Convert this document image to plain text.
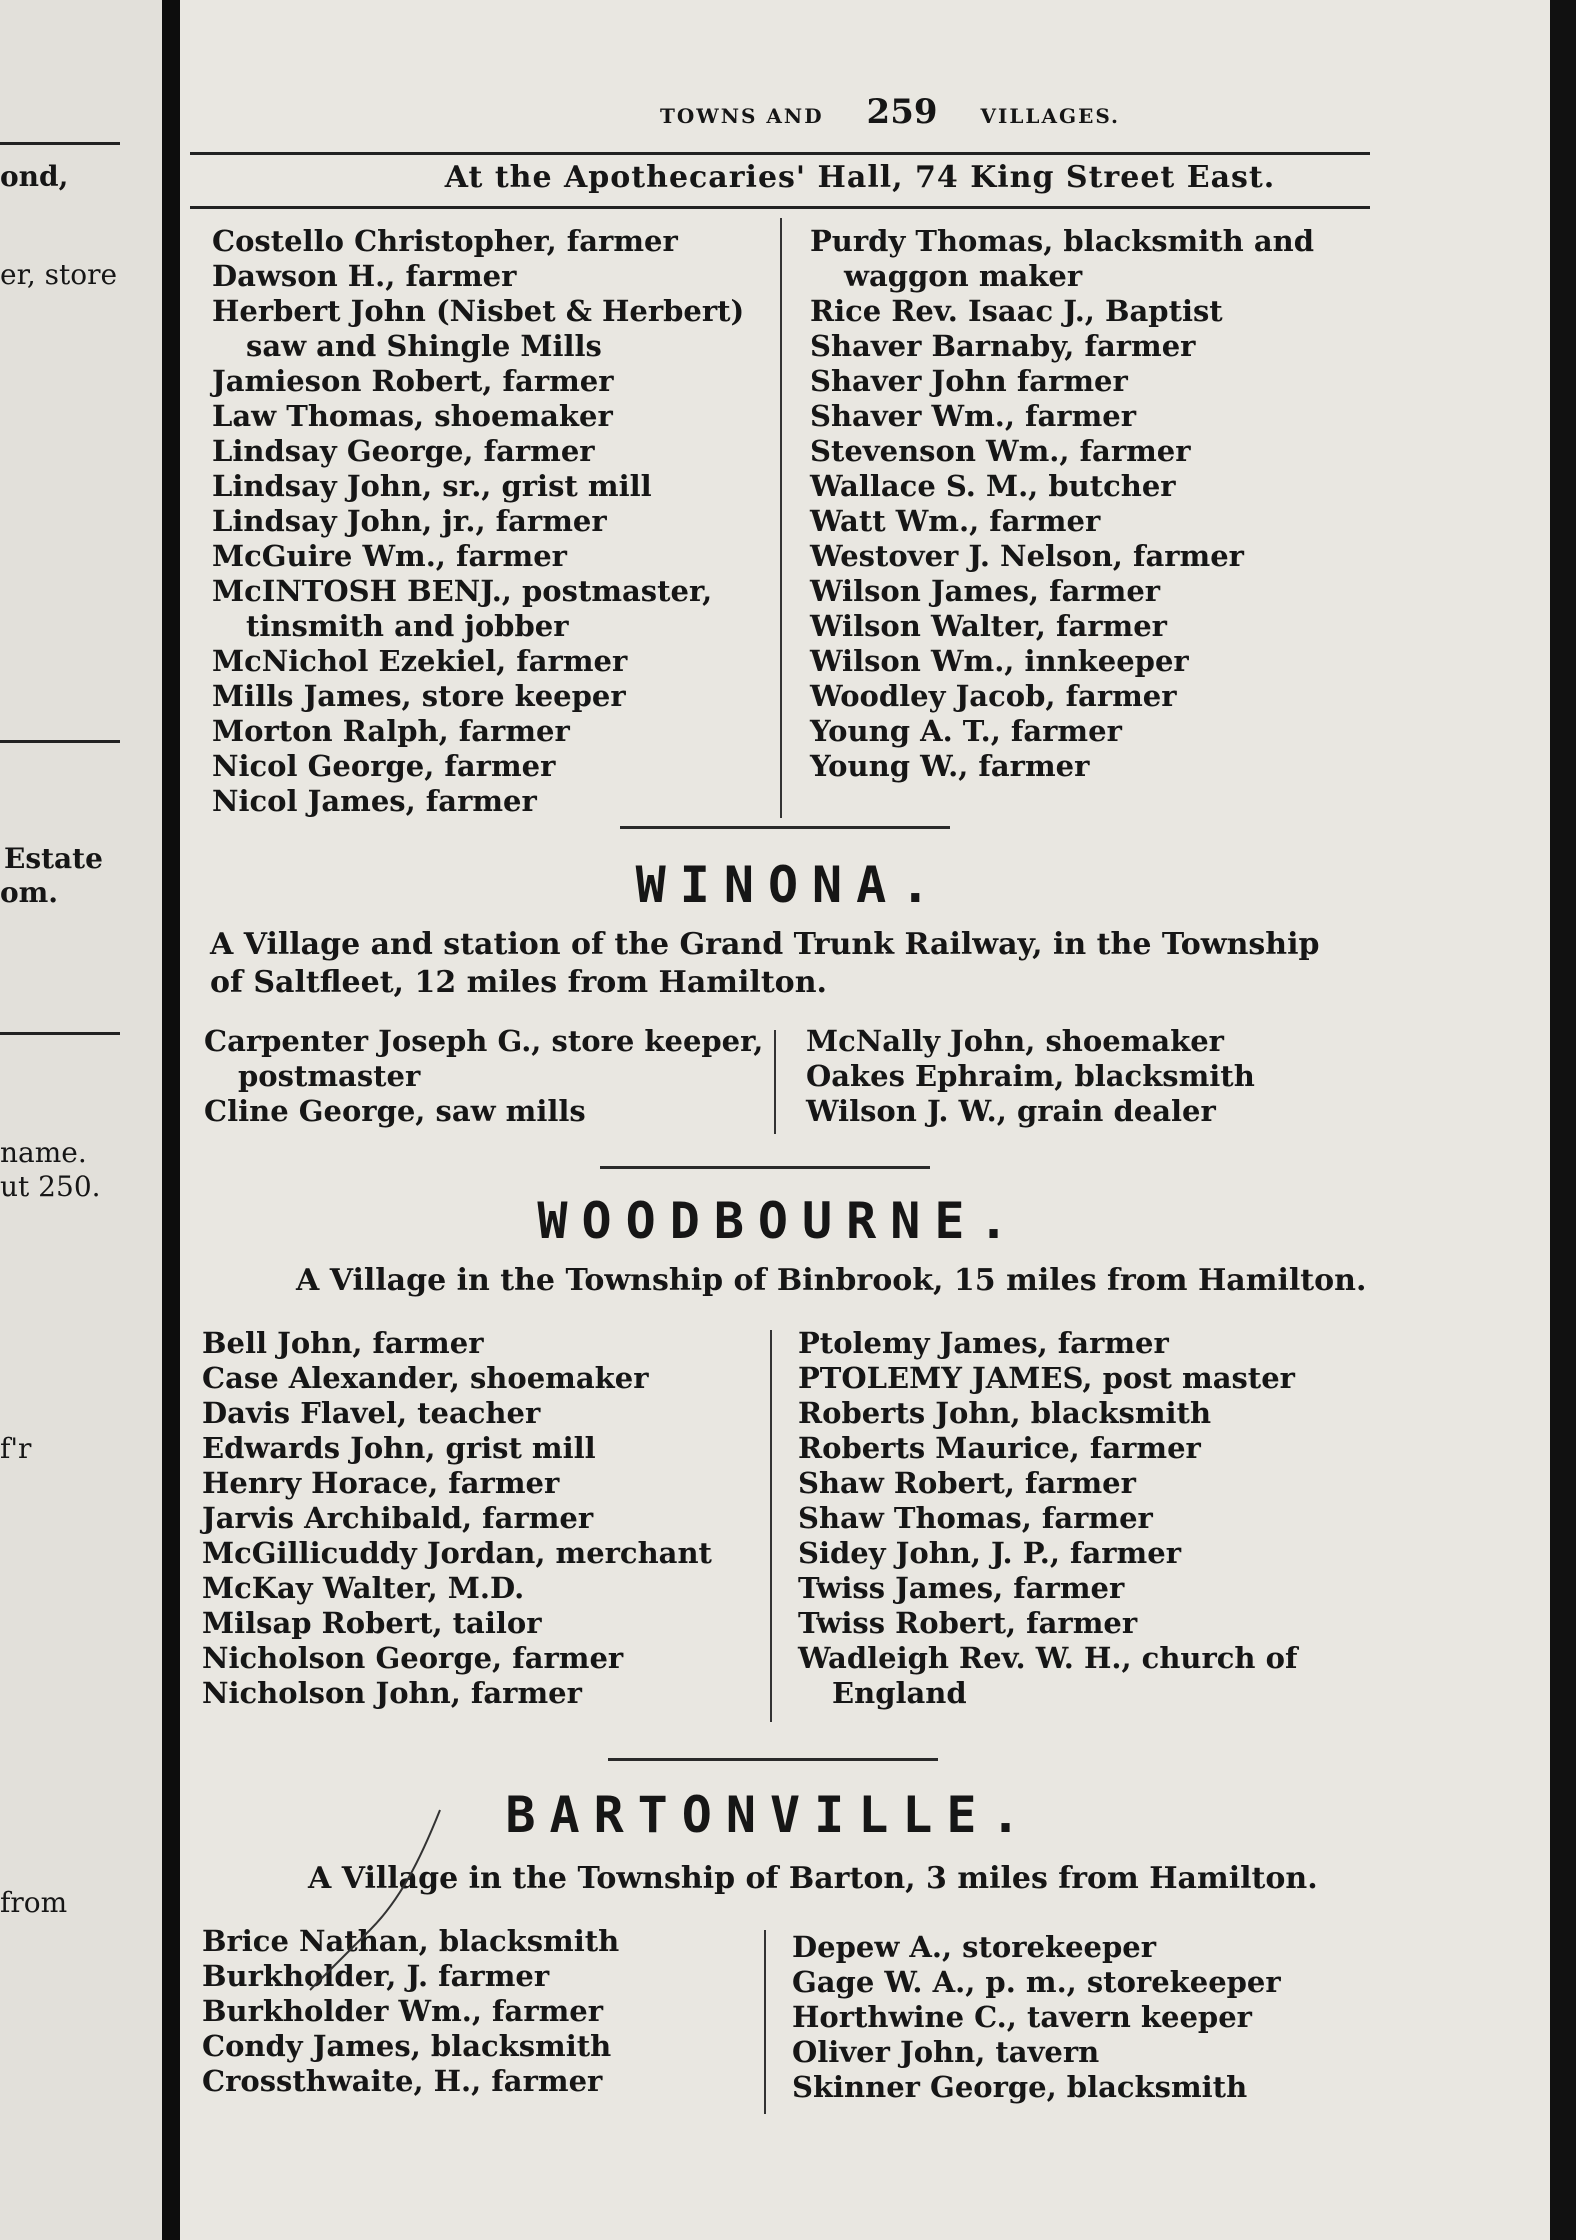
ond,
er, store
Estate
om.
name.
ut 250.
f'r
from
TOWNS AND 259 VILLAGES.
At the Apothecaries' Hall, 74 King Street East.

Costello Christopher, farmer

Dawson H., farmer

Herbert John (Nisbet & Herbert) saw and Shingle Mills

Jamieson Robert, farmer

Law Thomas, shoemaker

Lindsay George, farmer

Lindsay John, sr., grist mill

Lindsay John, jr., farmer

McGuire Wm., farmer

McINTOSH BENJ., postmaster, tinsmith and jobber

McNichol Ezekiel, farmer

Mills James, store keeper

Morton Ralph, farmer

Nicol George, farmer

Nicol James, farmer

Purdy Thomas, blacksmith and waggon maker

Rice Rev. Isaac J., Baptist

Shaver Barnaby, farmer

Shaver John farmer

Shaver Wm., farmer

Stevenson Wm., farmer

Wallace S. M., butcher

Watt Wm., farmer

Westover J. Nelson, farmer

Wilson James, farmer

Wilson Walter, farmer

Wilson Wm., innkeeper

Woodley Jacob, farmer

Young A. T., farmer

Young W., farmer

WINONA.
A Village and station of the Grand Trunk Railway, in the Township of Saltfleet, 12 miles from Hamilton.

Carpenter Joseph G., store keeper, postmaster

Cline George, saw mills

McNally John, shoemaker

Oakes Ephraim, blacksmith

Wilson J. W., grain dealer

WOODBOURNE.
A Village in the Township of Binbrook, 15 miles from Hamilton.

Bell John, farmer

Case Alexander, shoemaker

Davis Flavel, teacher

Edwards John, grist mill

Henry Horace, farmer

Jarvis Archibald, farmer

McGillicuddy Jordan, merchant

McKay Walter, M.D.

Milsap Robert, tailor

Nicholson George, farmer

Nicholson John, farmer

Ptolemy James, farmer

PTOLEMY JAMES, post master

Roberts John, blacksmith

Roberts Maurice, farmer

Shaw Robert, farmer

Shaw Thomas, farmer

Sidey John, J. P., farmer

Twiss James, farmer

Twiss Robert, farmer

Wadleigh Rev. W. H., church of England

BARTONVILLE.
A Village in the Township of Barton, 3 miles from Hamilton.

Brice Nathan, blacksmith

Burkholder, J. farmer

Burkholder Wm., farmer

Condy James, blacksmith

Crossthwaite, H., farmer

Depew A., storekeeper

Gage W. A., p. m., storekeeper

Horthwine C., tavern keeper

Oliver John, tavern

Skinner George, blacksmith
